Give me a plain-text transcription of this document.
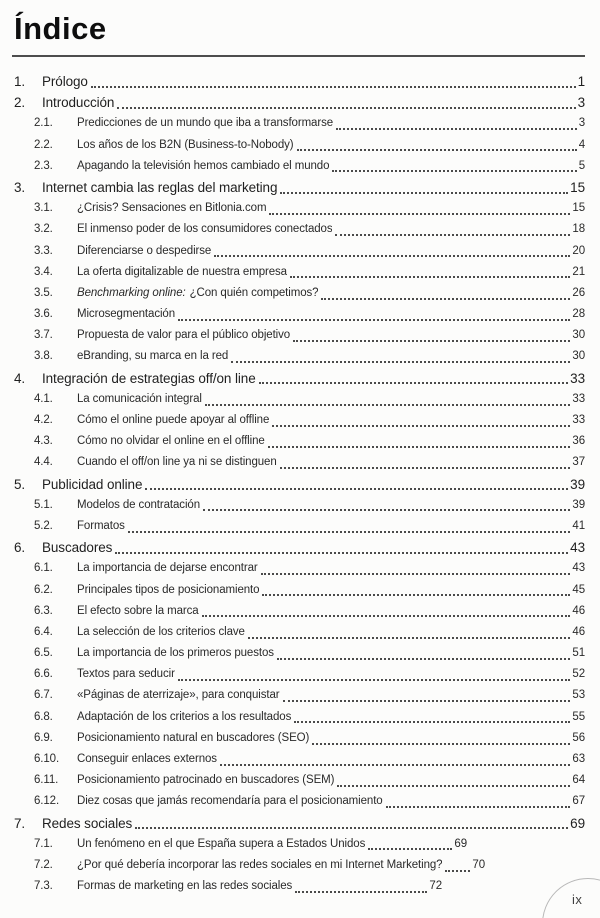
Índice
1.	Prólogo	1
2.	Introducción	3
2.1.	Predicciones de un mundo que iba a transformarse	3
2.2.	Los años de los B2N (Business-to-Nobody)	4
2.3.	Apagando la televisión hemos cambiado el mundo	5
3.	Internet cambia las reglas del marketing	15
3.1.	¿Crisis? Sensaciones en Bitlonia.com	15
3.2.	El inmenso poder de los consumidores conectados	18
3.3.	Diferenciarse o despedirse	20
3.4.	La oferta digitalizable de nuestra empresa	21
3.5.	Benchmarking online: ¿Con quién competimos?	26
3.6.	Microsegmentación	28
3.7.	Propuesta de valor para el público objetivo	30
3.8.	eBranding, su marca en la red	30
4.	Integración de estrategias off/on line	33
4.1.	La comunicación integral	33
4.2.	Cómo el online puede apoyar al offline	33
4.3.	Cómo no olvidar el online en el offline	36
4.4.	Cuando el off/on line ya ni se distinguen	37
5.	Publicidad online	39
5.1.	Modelos de contratación	39
5.2.	Formatos	41
6.	Buscadores	43
6.1.	La importancia de dejarse encontrar	43
6.2.	Principales tipos de posicionamiento	45
6.3.	El efecto sobre la marca	46
6.4.	La selección de los criterios clave	46
6.5.	La importancia de los primeros puestos	51
6.6.	Textos para seducir	52
6.7.	«Páginas de aterrizaje», para conquistar	53
6.8.	Adaptación de los criterios a los resultados	55
6.9.	Posicionamiento natural en buscadores (SEO)	56
6.10.	Conseguir enlaces externos	63
6.11.	Posicionamiento patrocinado en buscadores (SEM)	64
6.12.	Diez cosas que jamás recomendaría para el posicionamiento	67
7.	Redes sociales	69
7.1.	Un fenómeno en el que España supera a Estados Unidos	69
7.2.	¿Por qué debería incorporar las redes sociales en mi Internet Marketing?	70
7.3.	Formas de marketing en las redes sociales	72
ix
